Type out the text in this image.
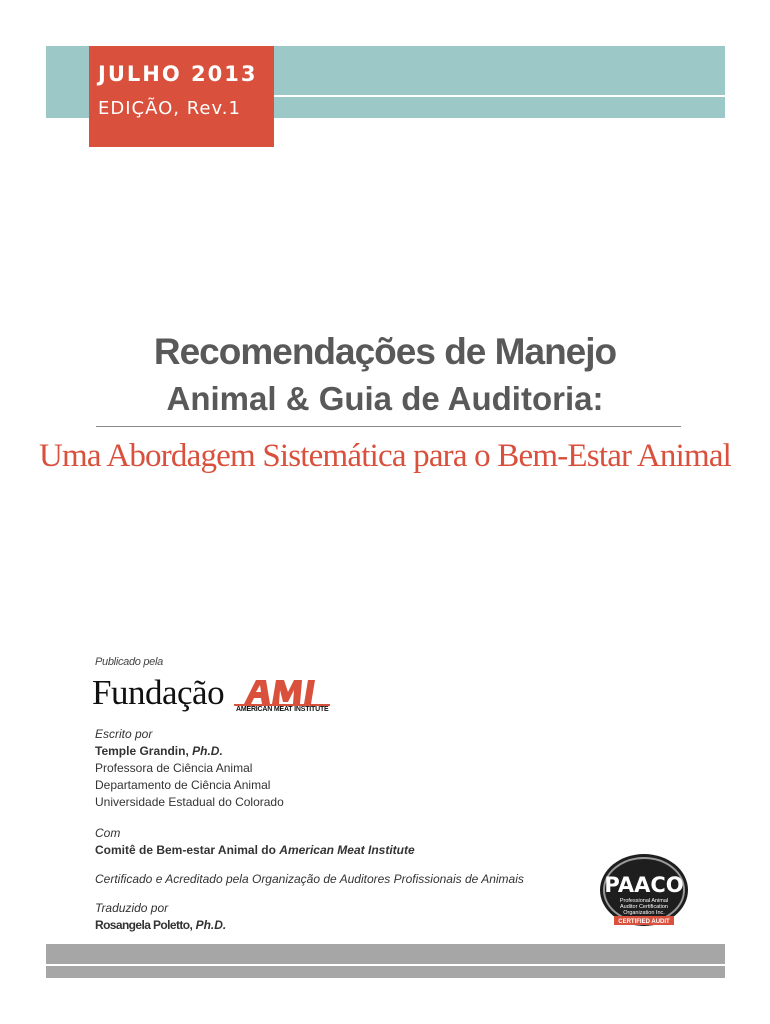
JULHO 2013
EDIÇÃO, Rev.1
Recomendações de Manejo
Animal & Guia de Auditoria:
Uma Abordagem Sistemática para o Bem-Estar Animal
Publicado pela
Fundação AMERICAN MEAT INSTITUTE
Escrito por
Temple Grandin, Ph.D.
Professora de Ciência Animal
Departamento de Ciência Animal
Universidade Estadual do Colorado
Com
Comitê de Bem-estar Animal do American Meat Institute
Certificado e Acreditado pela Organização de Auditores Profissionais de Animais
Traduzido por
Rosangela Poletto, Ph.D.
PAACO
Professional Animal
Auditor Certification
Organization Inc.
CERTIFIED AUDIT
